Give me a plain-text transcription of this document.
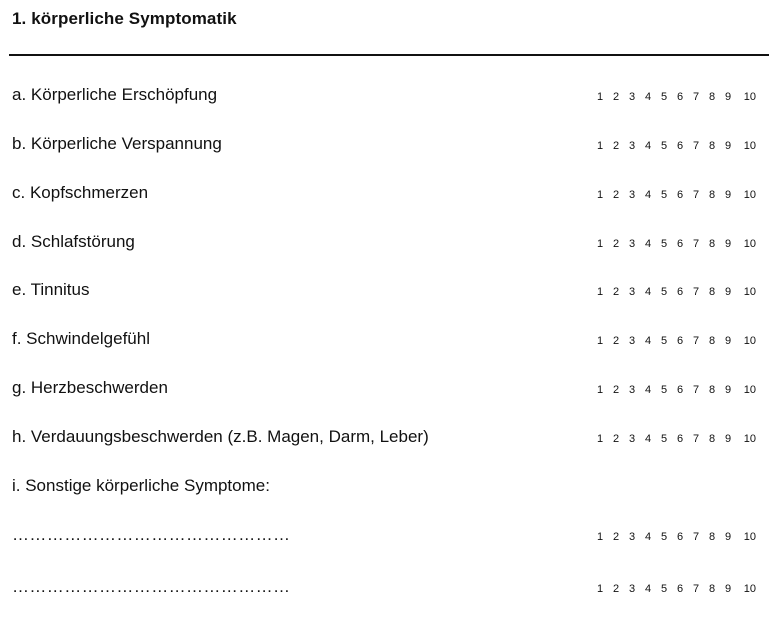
1. körperliche Symptomatik
a. Körperliche Erschöpfung	1 2 3 4 5 6 7 8 9	10
b. Körperliche Verspannung	1 2 3 4 5 6 7 8 9	10
c. Kopfschmerzen	1 2 3 4 5 6 7 8 9	10
d. Schlafstörung	1 2 3 4 5 6 7 8 9	10
e. Tinnitus	1 2 3 4 5 6 7 8 9	10
f. Schwindelgefühl	1 2 3 4 5 6 7 8 9	10
g. Herzbeschwerden	1 2 3 4 5 6 7 8 9	10
h. Verdauungsbeschwerden (z.B. Magen, Darm, Leber)	1 2 3 4 5 6 7 8 9	10
i. Sonstige körperliche Symptome:
…………………………………………	1 2 3 4 5 6 7 8 9	10
…………………………………………	1 2 3 4 5 6 7 8 9	10
